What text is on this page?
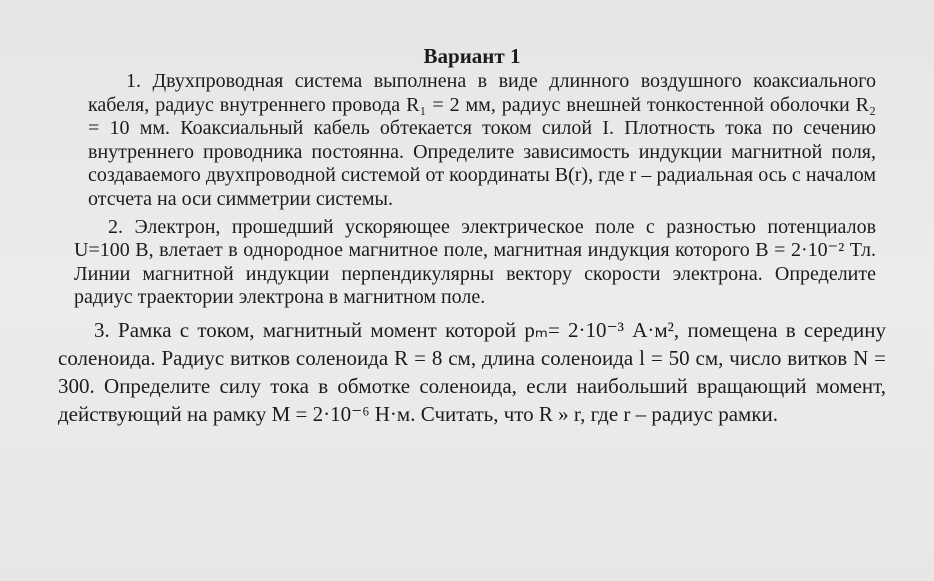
Вариант 1

1. Двухпроводная система выполнена в виде длинного воздушного коаксиального кабеля, радиус внутреннего провода R₁ = 2 мм, радиус внешней тонкостенной оболочки R₂ = 10 мм. Коаксиальный кабель обтекается током силой I. Плотность тока по сечению внутреннего проводника постоянна. Определите зависимость индукции магнитной поля, создаваемого двухпроводной системой от координаты B(r), где r – радиальная ось с началом отсчета на оси симметрии системы.

2. Электрон, прошедший ускоряющее электрическое поле с разностью потенциалов U=100 В, влетает в однородное магнитное поле, магнитная индукция которого B = 2·10⁻² Тл. Линии магнитной индукции перпендикулярны вектору скорости электрона. Определите радиус траектории электрона в магнитном поле.

3. Рамка с током, магнитный момент которой pₘ= 2·10⁻³ А·м², помещена в середину соленоида. Радиус витков соленоида R = 8 см, длина соленоида l = 50 см, число витков N = 300. Определите силу тока в обмотке соленоида, если наибольший вращающий момент, действующий на рамку M = 2·10⁻⁶ Н·м. Считать, что R » r, где r – радиус рамки.
